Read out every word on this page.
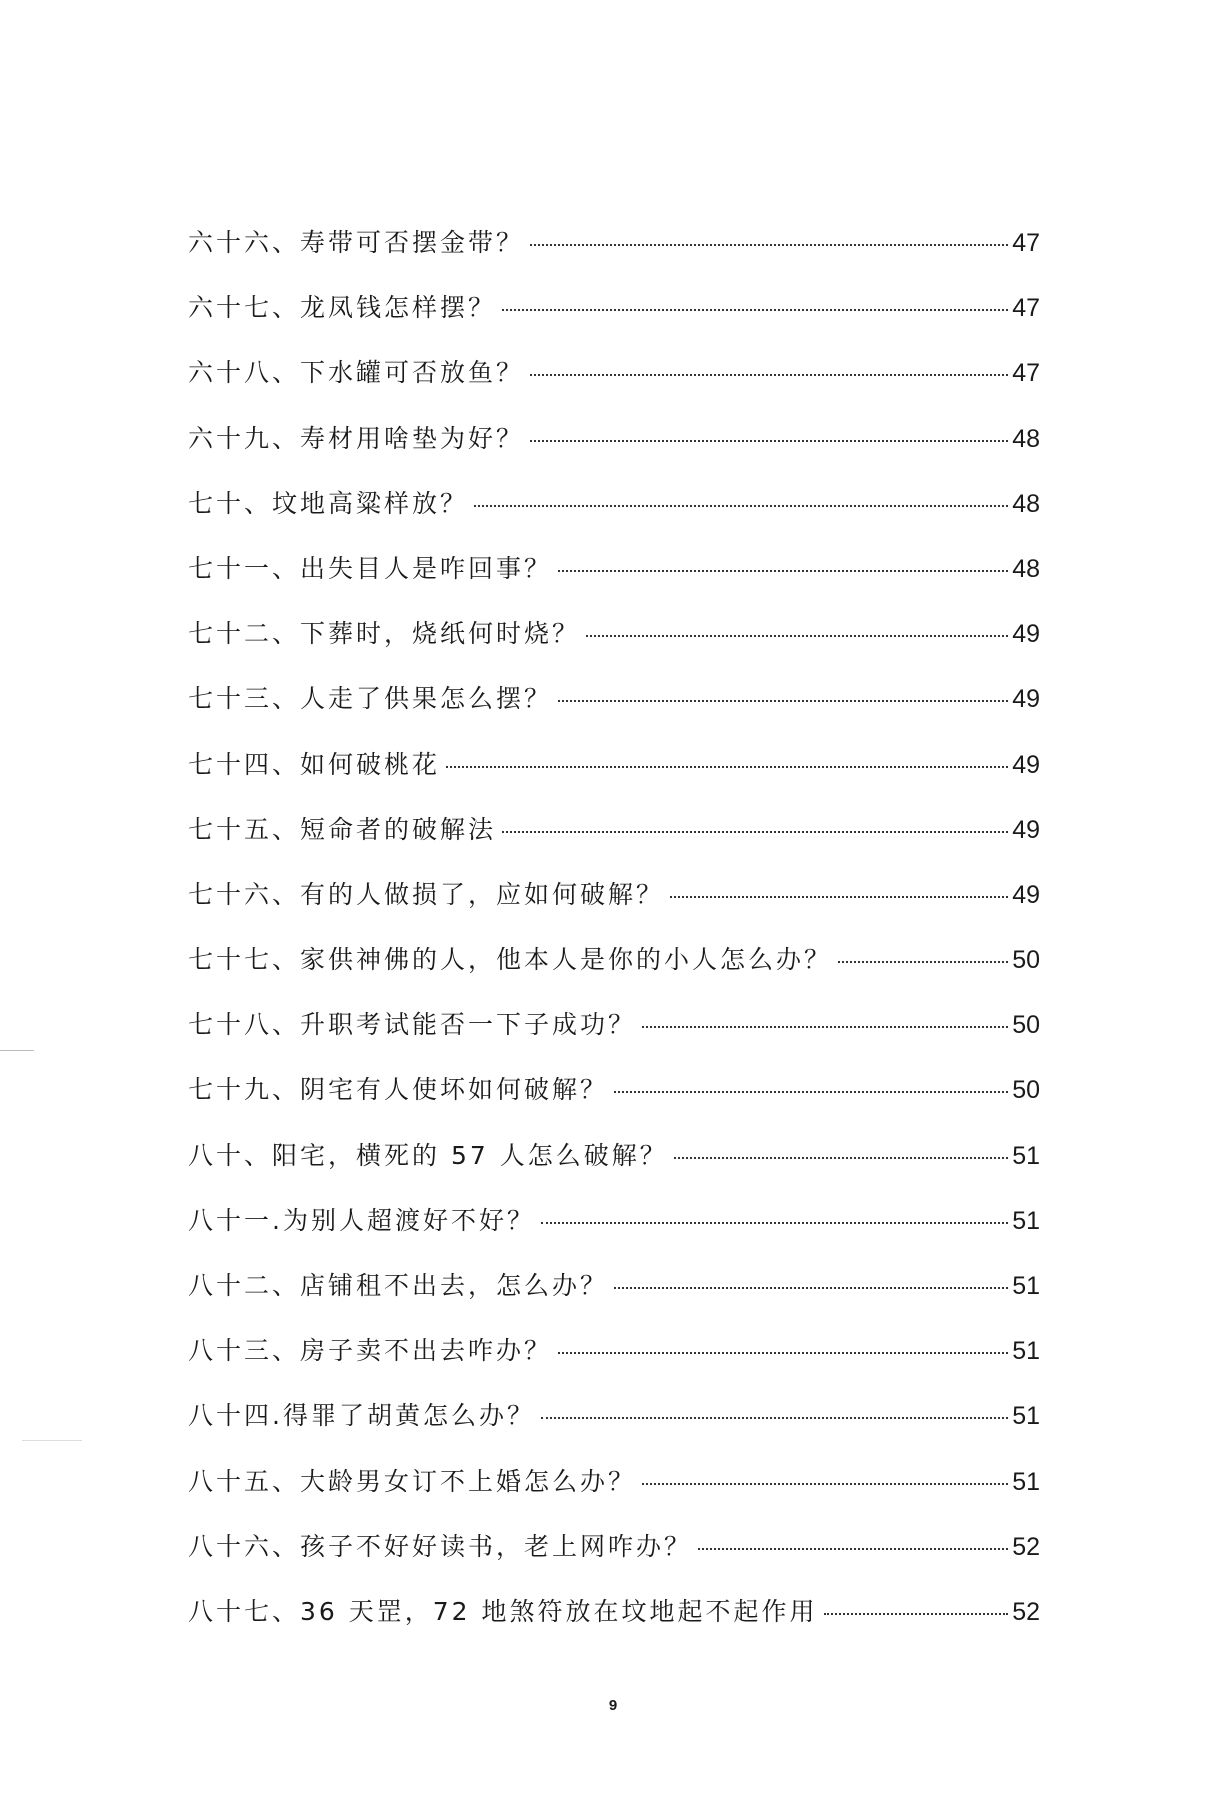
六十六、寿带可否摆金带？	47
六十七、龙凤钱怎样摆？	47
六十八、下水罐可否放鱼？	47
六十九、寿材用啥垫为好？	48
七十、坟地高粱样放？	48
七十一、出失目人是咋回事？	48
七十二、下葬时，烧纸何时烧？	49
七十三、人走了供果怎么摆？	49
七十四、如何破桃花	49
七十五、短命者的破解法	49
七十六、有的人做损了，应如何破解？	49
七十七、家供神佛的人，他本人是你的小人怎么办？	50
七十八、升职考试能否一下子成功？	50
七十九、阴宅有人使坏如何破解？	50
八十、阳宅，横死的 57 人怎么破解？	51
八十一.为别人超渡好不好？	51
八十二、店铺租不出去，怎么办？	51
八十三、房子卖不出去咋办？	51
八十四.得罪了胡黄怎么办？	51
八十五、大龄男女订不上婚怎么办？	51
八十六、孩子不好好读书，老上网咋办？	52
八十七、36 天罡，72 地煞符放在坟地起不起作用	52
9
